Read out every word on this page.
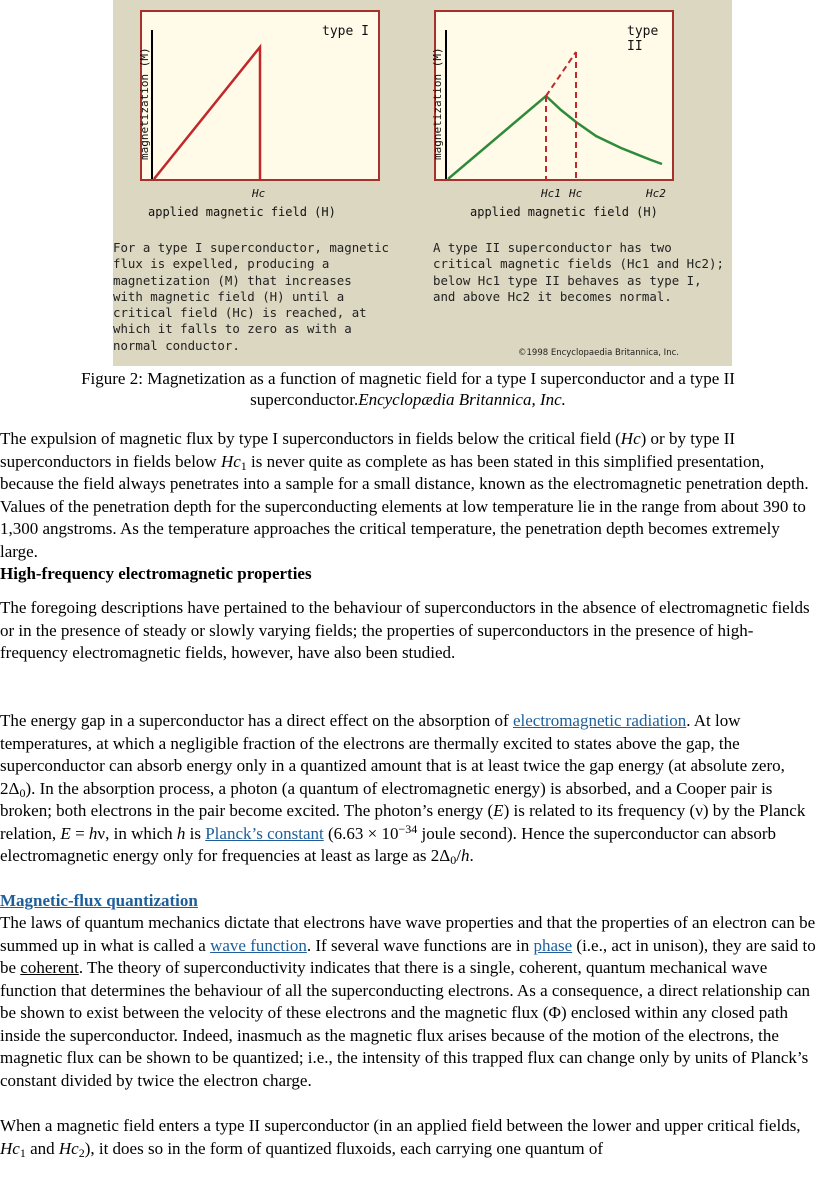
type I
magnetization (M)
Hc
applied magnetic field (H)
type II
magnetization (M)
Hc1 Hc	Hc2
applied magnetic field (H)
For a type I superconductor, magnetic
flux is expelled, producing a
magnetization (M) that increases
with magnetic field (H) until a
critical field (Hc) is reached, at
which it falls to zero as with a
normal conductor.
A type II superconductor has two
critical magnetic fields (Hc1 and Hc2);
below Hc1 type II behaves as type I,
and above Hc2 it becomes normal.
©1998 Encyclopaedia Britannica, Inc.
Figure 2: Magnetization as a function of magnetic field for a type I superconductor and a type II superconductor.Encyclopædia Britannica, Inc.

The expulsion of magnetic flux by type I superconductors in fields below the critical field (Hc) or by type II superconductors in fields below $Hc_1$ is never quite as complete as has been stated in this simplified presentation, because the field always penetrates into a sample for a small distance, known as the electromagnetic penetration depth. Values of the penetration depth for the superconducting elements at low temperature lie in the range from about 390 to 1,300 angstroms. As the temperature approaches the critical temperature, the penetration depth becomes extremely large.

High-frequency electromagnetic properties

The foregoing descriptions have pertained to the behaviour of superconductors in the absence of electromagnetic fields or in the presence of steady or slowly varying fields; the properties of superconductors in the presence of high-frequency electromagnetic fields, however, have also been studied.

The energy gap in a superconductor has a direct effect on the absorption of electromagnetic radiation. At low temperatures, at which a negligible fraction of the electrons are thermally excited to states above the gap, the superconductor can absorb energy only in a quantized amount that is at least twice the gap energy (at absolute zero, $2\Delta_0$). In the absorption process, a photon (a quantum of electromagnetic energy) is absorbed, and a Cooper pair is broken; both electrons in the pair become excited. The photon’s energy (E) is related to its frequency (ν) by the Planck relation, E = hν, in which h is Planck’s constant ($6.63 \times 10^{-34}$ joule second). Hence the superconductor can absorb electromagnetic energy only for frequencies at least as large as $2\Delta_0/h$.

Magnetic-flux quantization

The laws of quantum mechanics dictate that electrons have wave properties and that the properties of an electron can be summed up in what is called a wave function. If several wave functions are in phase (i.e., act in unison), they are said to be coherent. The theory of superconductivity indicates that there is a single, coherent, quantum mechanical wave function that determines the behaviour of all the superconducting electrons. As a consequence, a direct relationship can be shown to exist between the velocity of these electrons and the magnetic flux (Φ) enclosed within any closed path inside the superconductor. Indeed, inasmuch as the magnetic flux arises because of the motion of the electrons, the magnetic flux can be shown to be quantized; i.e., the intensity of this trapped flux can change only by units of Planck’s constant divided by twice the electron charge.

When a magnetic field enters a type II superconductor (in an applied field between the lower and upper critical fields, $Hc_1$ and $Hc_2$), it does so in the form of quantized fluxoids, each carrying one quantum of
